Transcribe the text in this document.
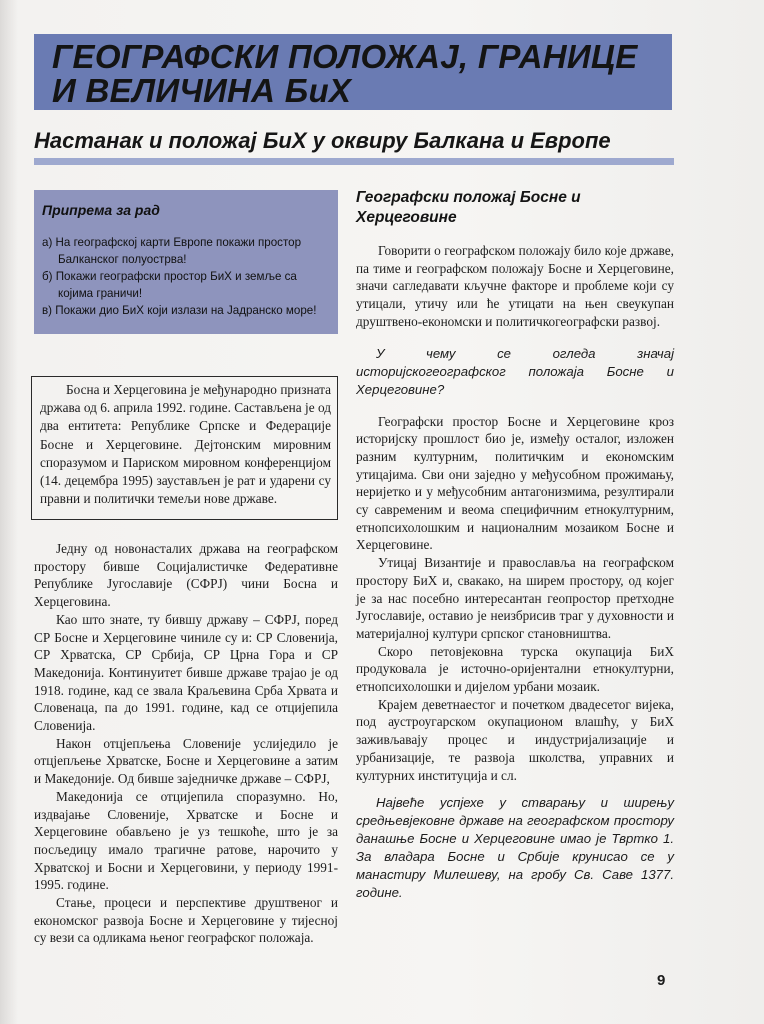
ГЕОГРАФСКИ ПОЛОЖАЈ, ГРАНИЦЕ
И ВЕЛИЧИНА БиХ
Настанак и положај БиХ у оквиру Балкана и Европе
Припрема за рад
а) На географској карти Европе покажи простор Балканског полуострва!
б) Покажи географски простор БиХ и земље са којима граничи!
в) Покажи дио БиХ који излази на Јадранско море!

Босна и Херцеговина је међународно призната држава од 6. априла 1992. године. Састављена је од два ентитета: Републике Српске и Федерације Босне и Херцеговине. Дејтонским мировним споразумом и Париском мировном конференцијом (14. децембра 1995) заустављен је рат и ударени су правни и политички темељи нове државе.

Једну од новонасталих држава на географском простору бивше Социјалистичке Федеративне Републике Југославије (СФРЈ) чини Босна и Херцеговина.

Као што знате, ту бившу државу – СФРЈ, поред СР Босне и Херцеговине чиниле су и: СР Словенија, СР Хрватска, СР Србија, СР Црна Гора и СР Македонија. Континуитет бивше државе трајао је од 1918. године, кад се звала Краљевина Срба Хрвата и Словенаца, па до 1991. године, кад се отцијепила Словенија.

Након отцјепљења Словеније услиједило је отцјепљење Хрватске, Босне и Херцеговине а затим и Македоније. Од бивше заједничке државе – СФРЈ,

Македонија се отцијепила споразумно. Но, издвајање Словеније, Хрватске и Босне и Херцеговине обављено је уз тешкоће, што је за посљедицу имало трагичне ратове, нарочито у Хрватској и Босни и Херцеговини, у периоду 1991-1995. године.

Стање, процеси и перспективе друштвеног и економског развоја Босне и Херцеговине у тијесној су вези са одликама њеног географског положаја.

Географски положај Босне и Херцеговине

Говорити о географском положају било које државе, па тиме и географском положају Босне и Херцеговине, значи сагледавати кључне факторе и проблеме који су утицали, утичу или ће утицати на њен свеукупан друштвено-економски и политичкогеографски развој.

У чему се огледа значај историјскогеографског положаја Босне и Херцеговине?

Географски простор Босне и Херцеговине кроз историјску прошлост био је, између осталог, изложен разним културним, политичким и економским утицајима. Сви они заједно у међусобном прожимању, неријетко и у међусобним антагонизмима, резултирали су савременим и веома специфичним етнокултурним, етнопсихолошким и националним мозаиком Босне и Херцеговине.

Утицај Византије и православља на географском простору БиХ и, свакако, на ширем простору, од којег је за нас посебно интересантан геопростор претходне Југославије, оставио је неизбрисив траг у духовности и материјалној култури српског становништва.

Скоро петовјековна турска окупација БиХ продуковала је источно-оријентални етнокултурни, етнопсихолошки и дијелом урбани мозаик.

Крајем деветнаестог и почетком двадесетог вијека, под аустроугарском окупационом влашћу, у БиХ заживљавају процес и индустријализације и урбанизације, те развоја школства, управних и културних институција и сл.

Највеће успјехе у стварању и ширењу средњевјековне државе на географском простору данашње Босне и Херцеговине имао је Твртко 1. За владара Босне и Србије крунисао се у манастиру Милешеву, на гробу Св. Саве 1377. године.

9
